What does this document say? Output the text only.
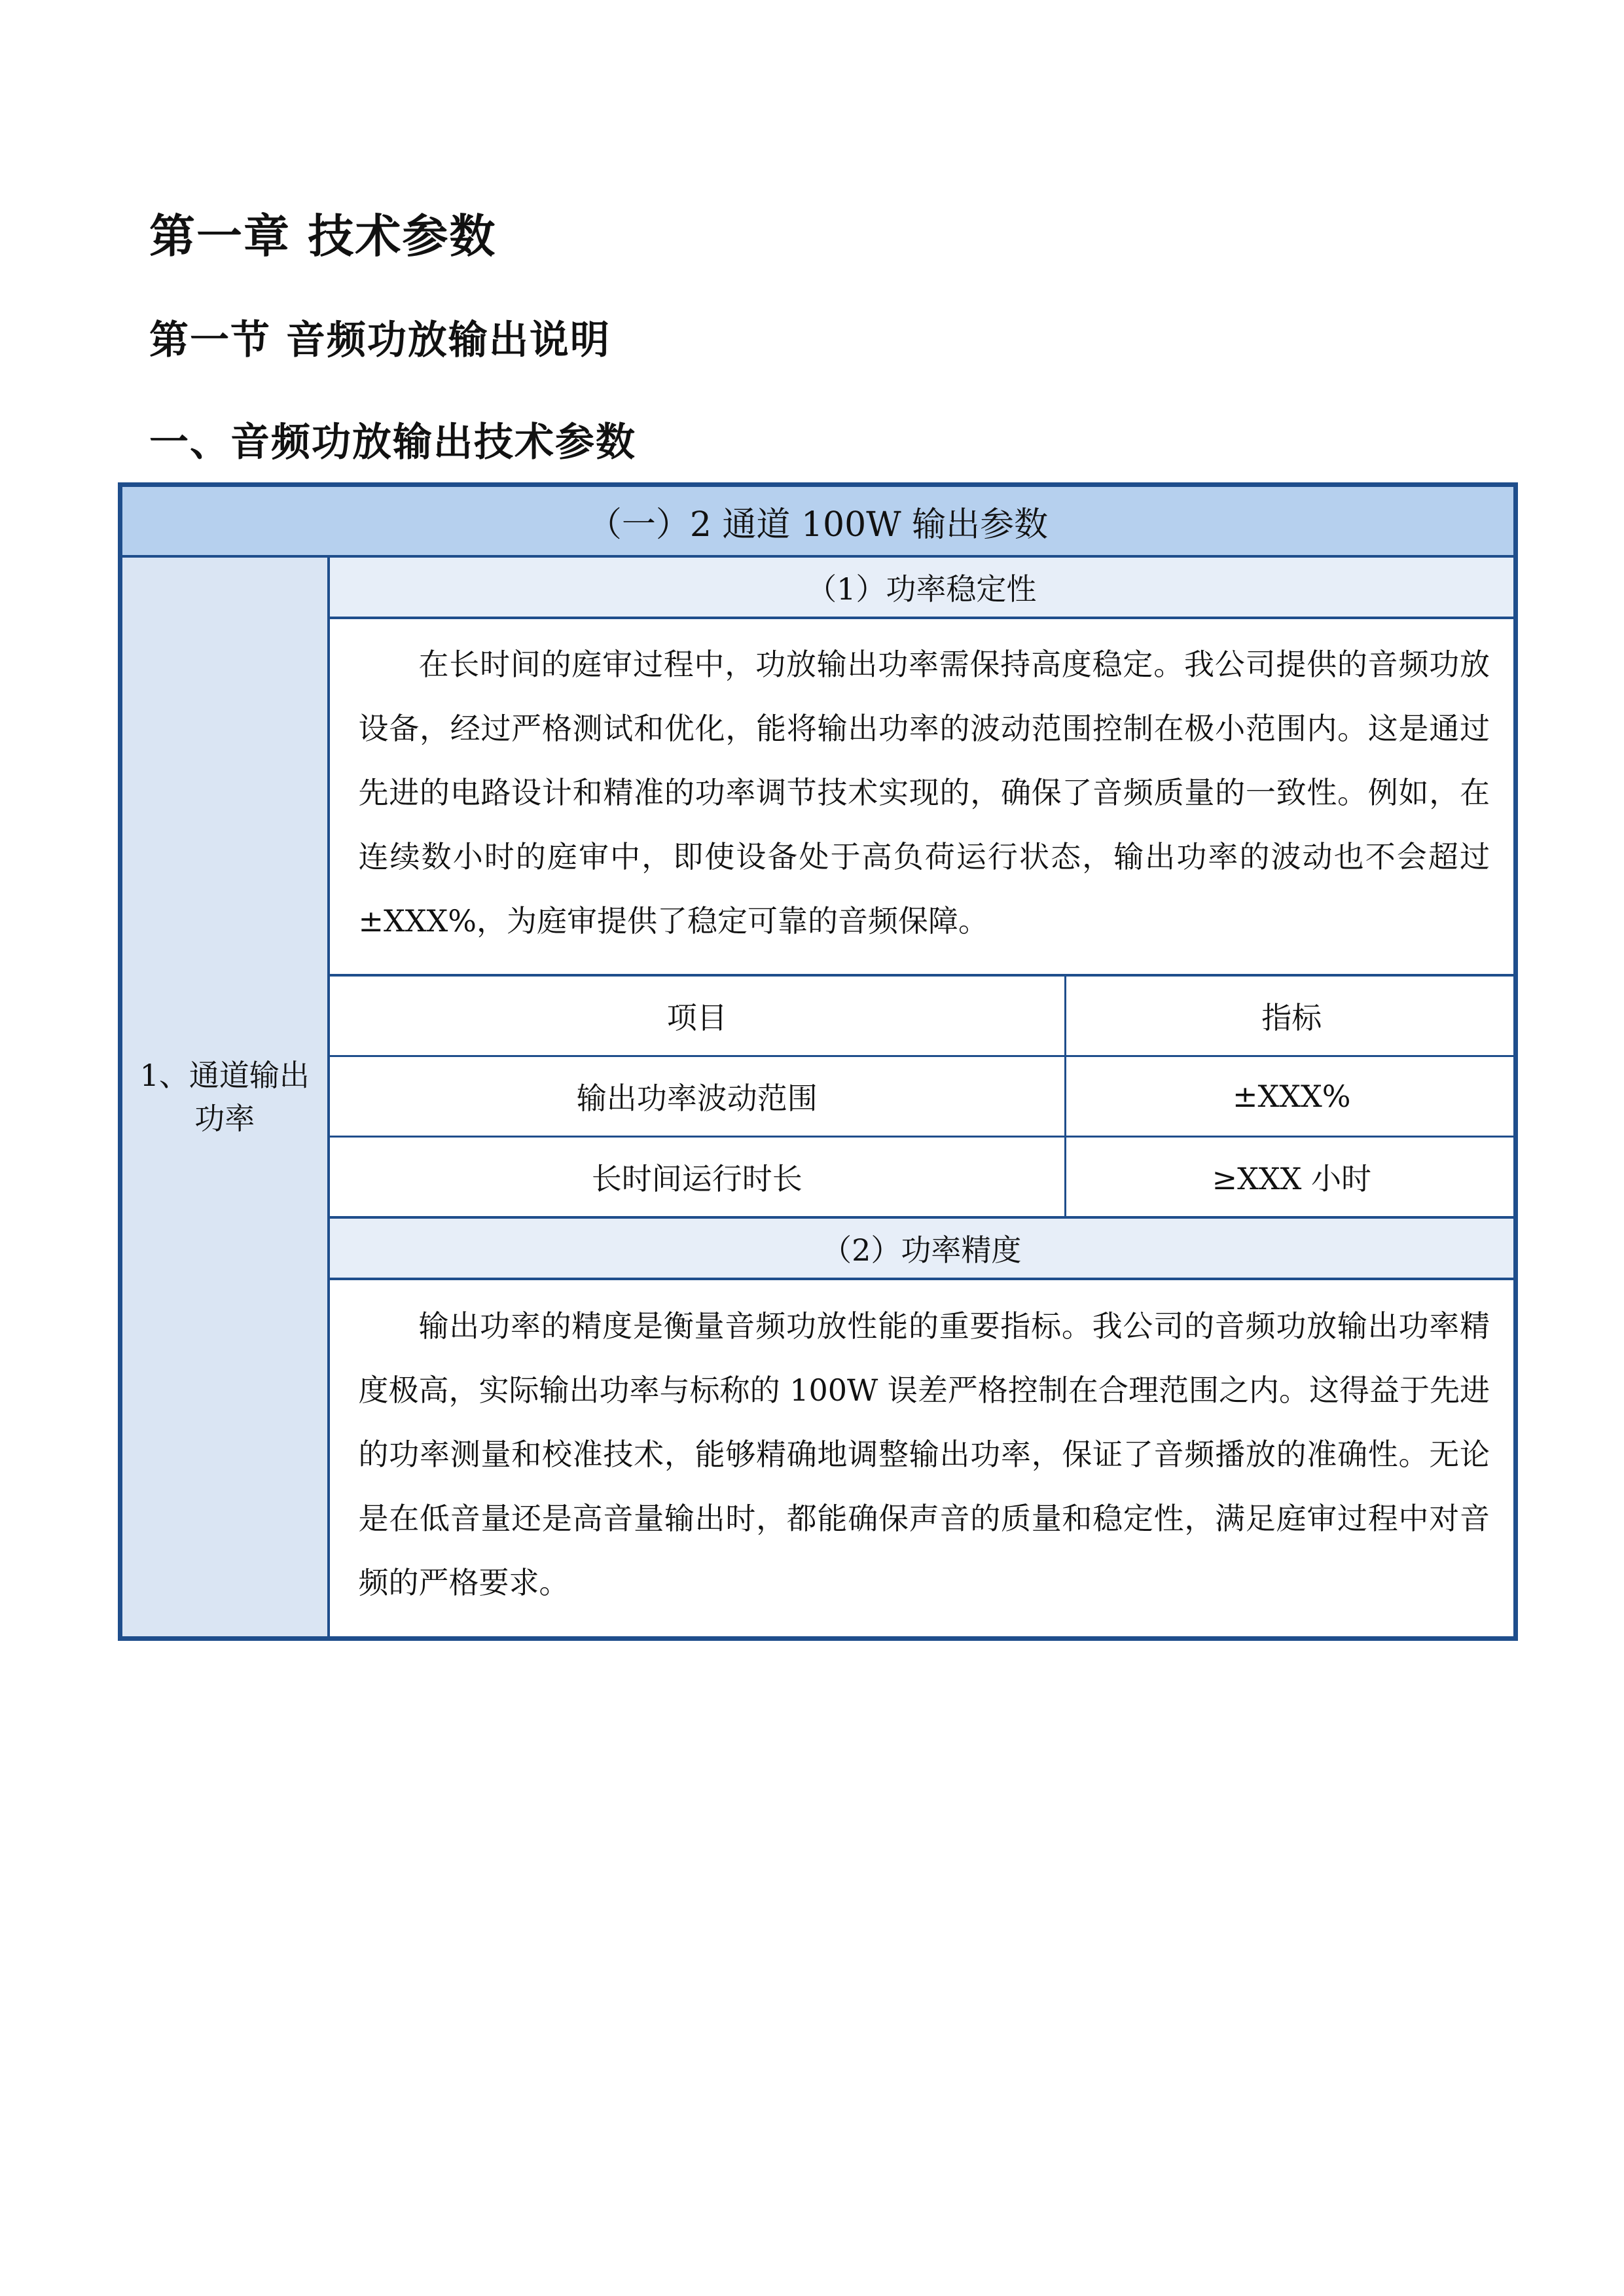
第一章 技术参数
第一节 音频功放输出说明
一、音频功放输出技术参数
（一）2 通道 100W 输出参数
1、通道输出功率	（1）功率稳定性
在长时间的庭审过程中，功放输出功率需保持高度稳定。我公司提供的音频功放设备，经过严格测试和优化，能将输出功率的波动范围控制在极小范围内。这是通过先进的电路设计和精准的功率调节技术实现的，确保了音频质量的一致性。例如，在连续数小时的庭审中，即使设备处于高负荷运行状态，输出功率的波动也不会超过±XXX%，为庭审提供了稳定可靠的音频保障。

项目	指标
输出功率波动范围	±XXX%
长时间运行时长	≥XXX 小时

（2）功率精度
输出功率的精度是衡量音频功放性能的重要指标。我公司的音频功放输出功率精度极高，实际输出功率与标称的 100W 误差严格控制在合理范围之内。这得益于先进的功率测量和校准技术，能够精确地调整输出功率，保证了音频播放的准确性。无论是在低音量还是高音量输出时，都能确保声音的质量和稳定性，满足庭审过程中对音频的严格要求。
